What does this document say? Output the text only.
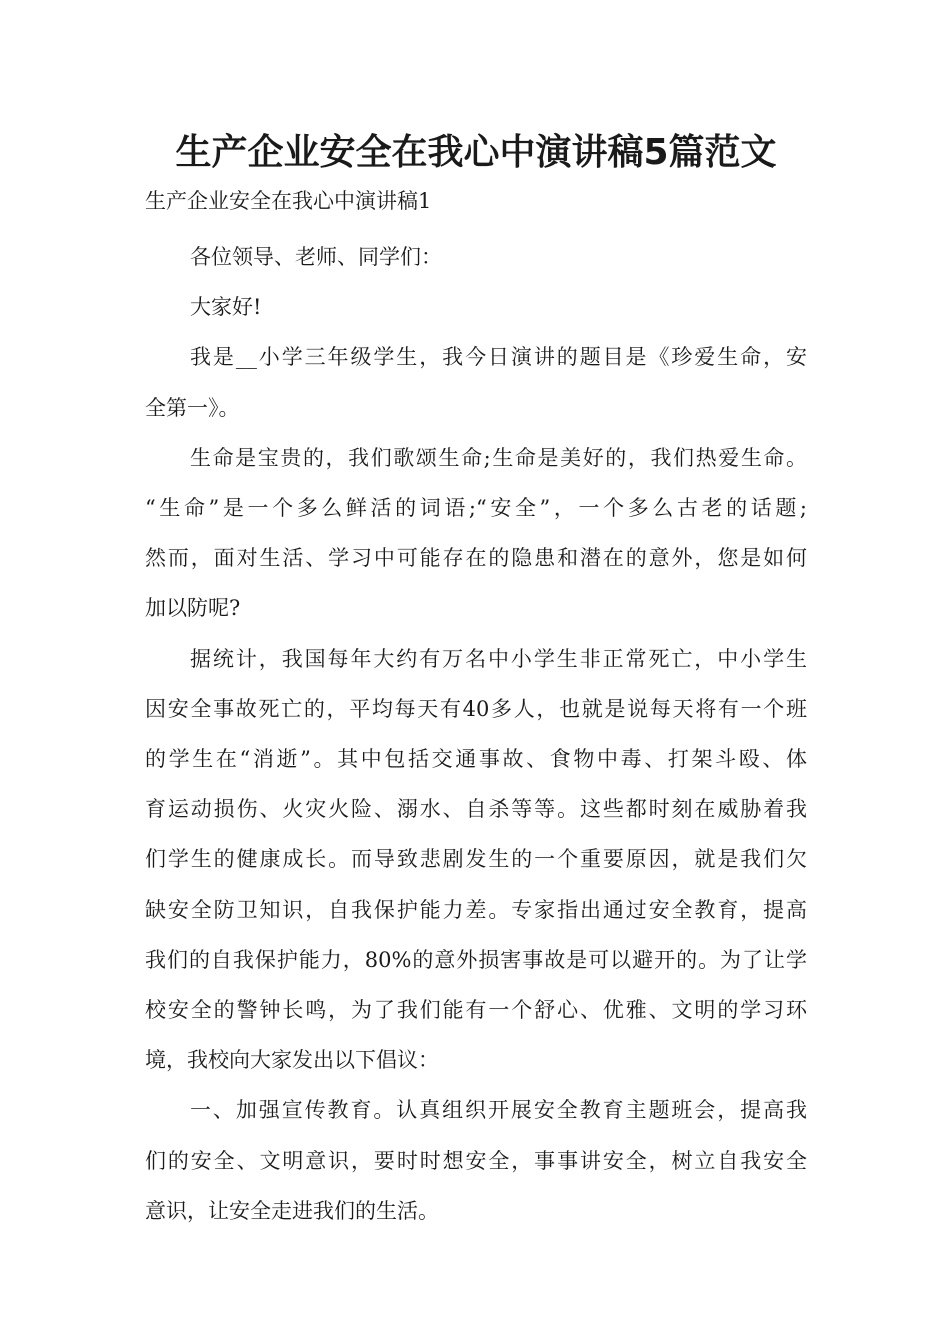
生产企业安全在我心中演讲稿5篇范文
生产企业安全在我心中演讲稿1

各位领导、老师、同学们：

大家好!

我是__小学三年级学生，我今日演讲的题目是《珍爱生命，安
全第一》。

生命是宝贵的，我们歌颂生命;生命是美好的，我们热爱生命。
“生命”是一个多么鲜活的词语;“安全”，一个多么古老的话题;
然而，面对生活、学习中可能存在的隐患和潜在的意外，您是如何
加以防呢?

据统计，我国每年大约有万名中小学生非正常死亡，中小学生
因安全事故死亡的，平均每天有40多人，也就是说每天将有一个班
的学生在“消逝”。其中包括交通事故、食物中毒、打架斗殴、体
育运动损伤、火灾火险、溺水、自杀等等。这些都时刻在威胁着我
们学生的健康成长。而导致悲剧发生的一个重要原因，就是我们欠
缺安全防卫知识，自我保护能力差。专家指出通过安全教育，提高
我们的自我保护能力，80%的意外损害事故是可以避开的。为了让学
校安全的警钟长鸣，为了我们能有一个舒心、优雅、文明的学习环
境，我校向大家发出以下倡议：

一、加强宣传教育。认真组织开展安全教育主题班会，提高我
们的安全、文明意识，要时时想安全，事事讲安全，树立自我安全
意识，让安全走进我们的生活。
